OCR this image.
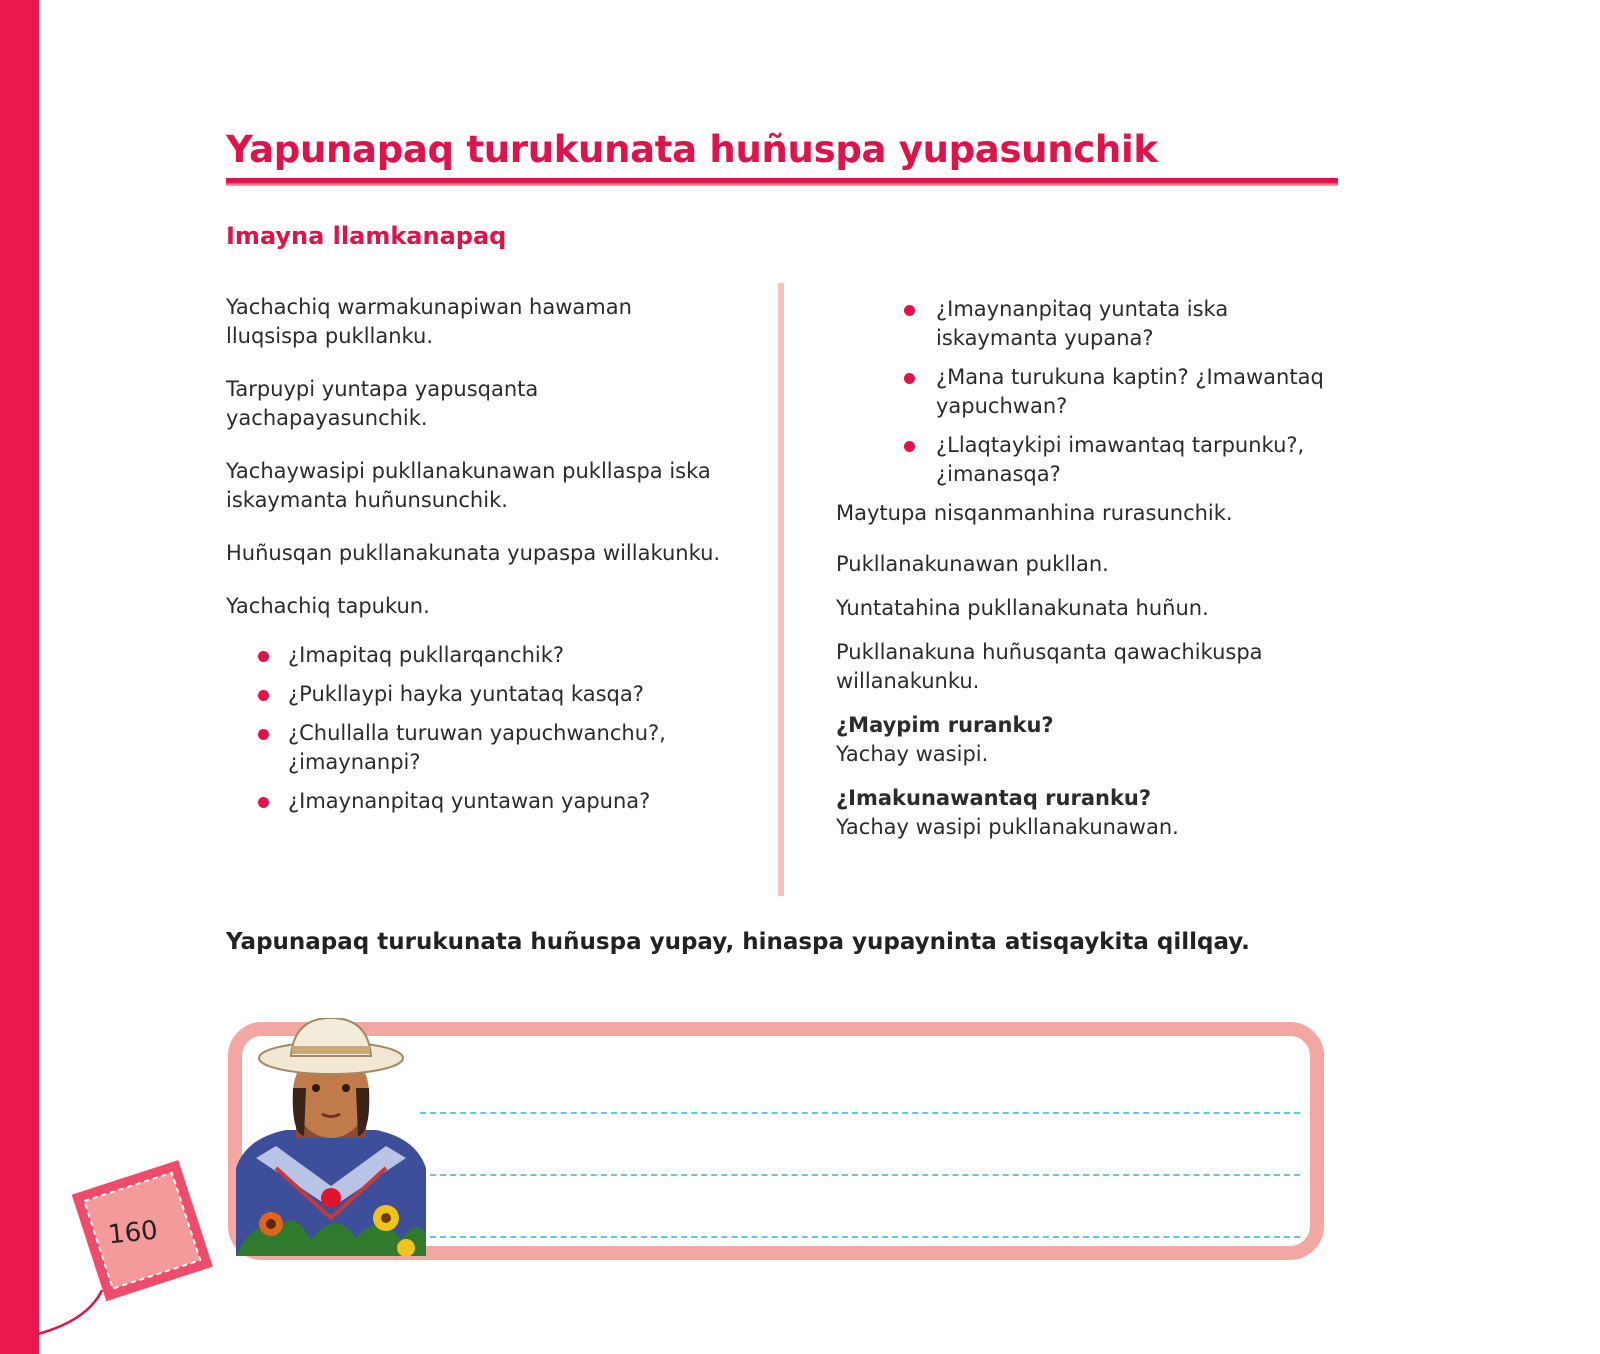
Yapunapaq turukunata huñuspa yupasunchik
Imayna llamkanapaq

Yachachiq warmakunapiwan hawaman lluqsispa pukllanku.

Tarpuypi yuntapa yapusqanta yachapayasunchik.

Yachaywasipi pukllanakunawan pukllaspa iska iskaymanta huñunsunchik.

Huñusqan pukllanakunata yupaspa willakunku.

Yachachiq tapukun.

¿Imapitaq pukllarqanchik?
¿Pukllaypi hayka yuntataq kasqa?
¿Chullalla turuwan yapuchwanchu?, ¿imaynanpi?
¿Imaynanpitaq yuntawan yapuna?
¿Imaynanpitaq yuntata iska iskaymanta yupana?
¿Mana turukuna kaptin? ¿Imawantaq yapuchwan?
¿Llaqtaykipi imawantaq tarpunku?, ¿imanasqa?

Maytupa nisqanmanhina rurasunchik.

Pukllanakunawan pukllan.

Yuntatahina pukllanakunata huñun.

Pukllanakuna huñusqanta qawachikuspa willanakunku.

¿Maypim ruranku?

Yachay wasipi.

¿Imakunawantaq ruranku?

Yachay wasipi pukllanakunawan.

Yapunapaq turukunata huñuspa yupay, hinaspa yupayninta atisqaykita qillqay.

160
